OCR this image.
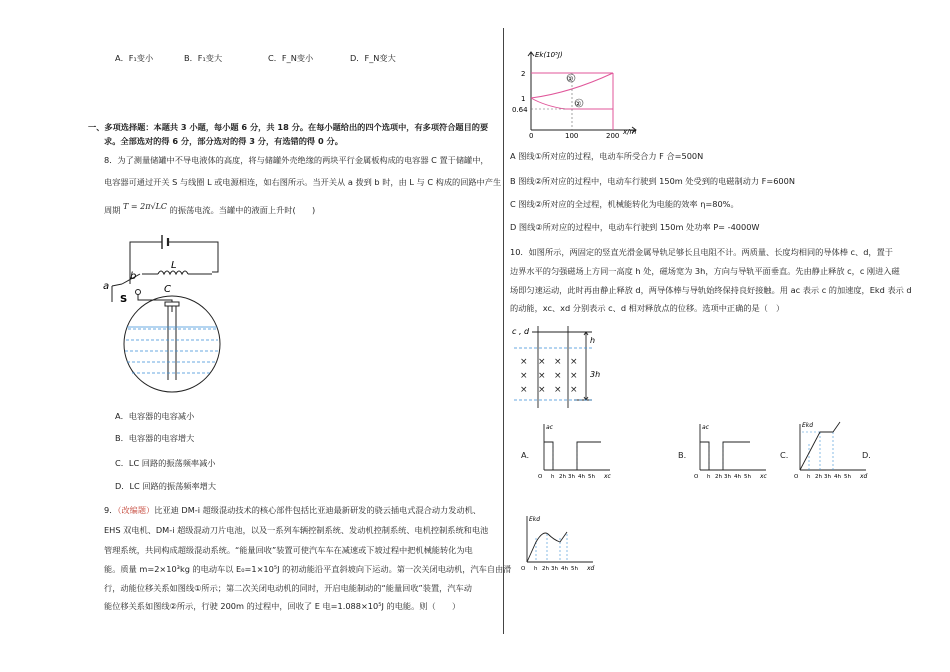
A．F₁变小	B．F₁变大	C．F_N变小	D．F_N变大
一、多项选择题：本题共 3 小题，每小题 6 分，共 18 分。在每小题给出的四个选项中，有多项符合题目的要
求。全部选对的得 6 分，部分选对的得 3 分，有选错的得 0 分。
8．为了测量储罐中不导电液体的高度，将与储罐外壳绝缘的两块平行金属板构成的电容器 C 置于储罐中，
电容器可通过开关 S 与线圈 L 或电源相连，如右图所示。当开关从 a 拨到 b 时，由 L 与 C 构成的回路中产生
周期 T = 2π√LC 的振荡电流。当罐中的液面上升时(　　)
L
b
a
S
C
A．电容器的电容减小
B．电容器的电容增大
C．LC 回路的振荡频率减小
D．LC 回路的振荡频率增大
9．（改编题）比亚迪 DM-i 超级混动技术的核心部件包括比亚迪最新研发的骁云插电式混合动力发动机、
EHS 双电机、DM-i 超级混动刀片电池，以及一系列车辆控制系统、发动机控制系统、电机控制系统和电池
管理系统，共同构成超级混动系统。“能量回收”装置可使汽车车在减速或下坡过程中把机械能转化为电
能。质量 m=2×10³kg 的电动车以 E₀=1×10⁵J 的初动能沿平直斜坡向下运动。第一次关闭电动机，汽车自由滑
行，动能位移关系如图线①所示；第二次关闭电动机的同时，开启电能制动的“能量回收”装置，汽车动
能位移关系如图线②所示，行驶 200m 的过程中，回收了 E 电=1.088×10⁵J 的电能。则（　　）
①
②
Ek(10⁵J)
x/m
2
1
0.64
0	100	200
A 图线①所对应的过程，电动车所受合力 F 合=500N
B 图线②所对应的过程中，电动车行驶到 150m 处受到的电磁制动力 F=600N
C 图线②所对应的全过程，机械能转化为电能的效率 η=80%。
D 图线②所对应的过程中，电动车行驶到 150m 处功率 P= -4000W
10．如图所示，两固定的竖直光滑金属导轨足够长且电阻不计。两质量、长度均相同的导体棒 c、d，置于
边界水平的匀强磁场上方同一高度 h 处，磁场宽为 3h，方向与导轨平面垂直。先由静止释放 c，c 刚进入磁
场即匀速运动，此时再由静止释放 d，两导体棒与导轨始终保持良好接触。用 ac 表示 c 的加速度，Ekd 表示 d
的动能，xc、xd 分别表示 c、d 相对释放点的位移。选项中正确的是（　）
× × × ×
× × × ×
× × × ×
c , d
h
3h
A.
ac
xc
O h 2h 3h 4h 5h
B.
ac
xc
O h 2h 3h 4h 5h
C.
Ekd
xd
O h 2h 3h 4h 5h
D.
Ekd
xd
O h 2h 3h 4h 5h
